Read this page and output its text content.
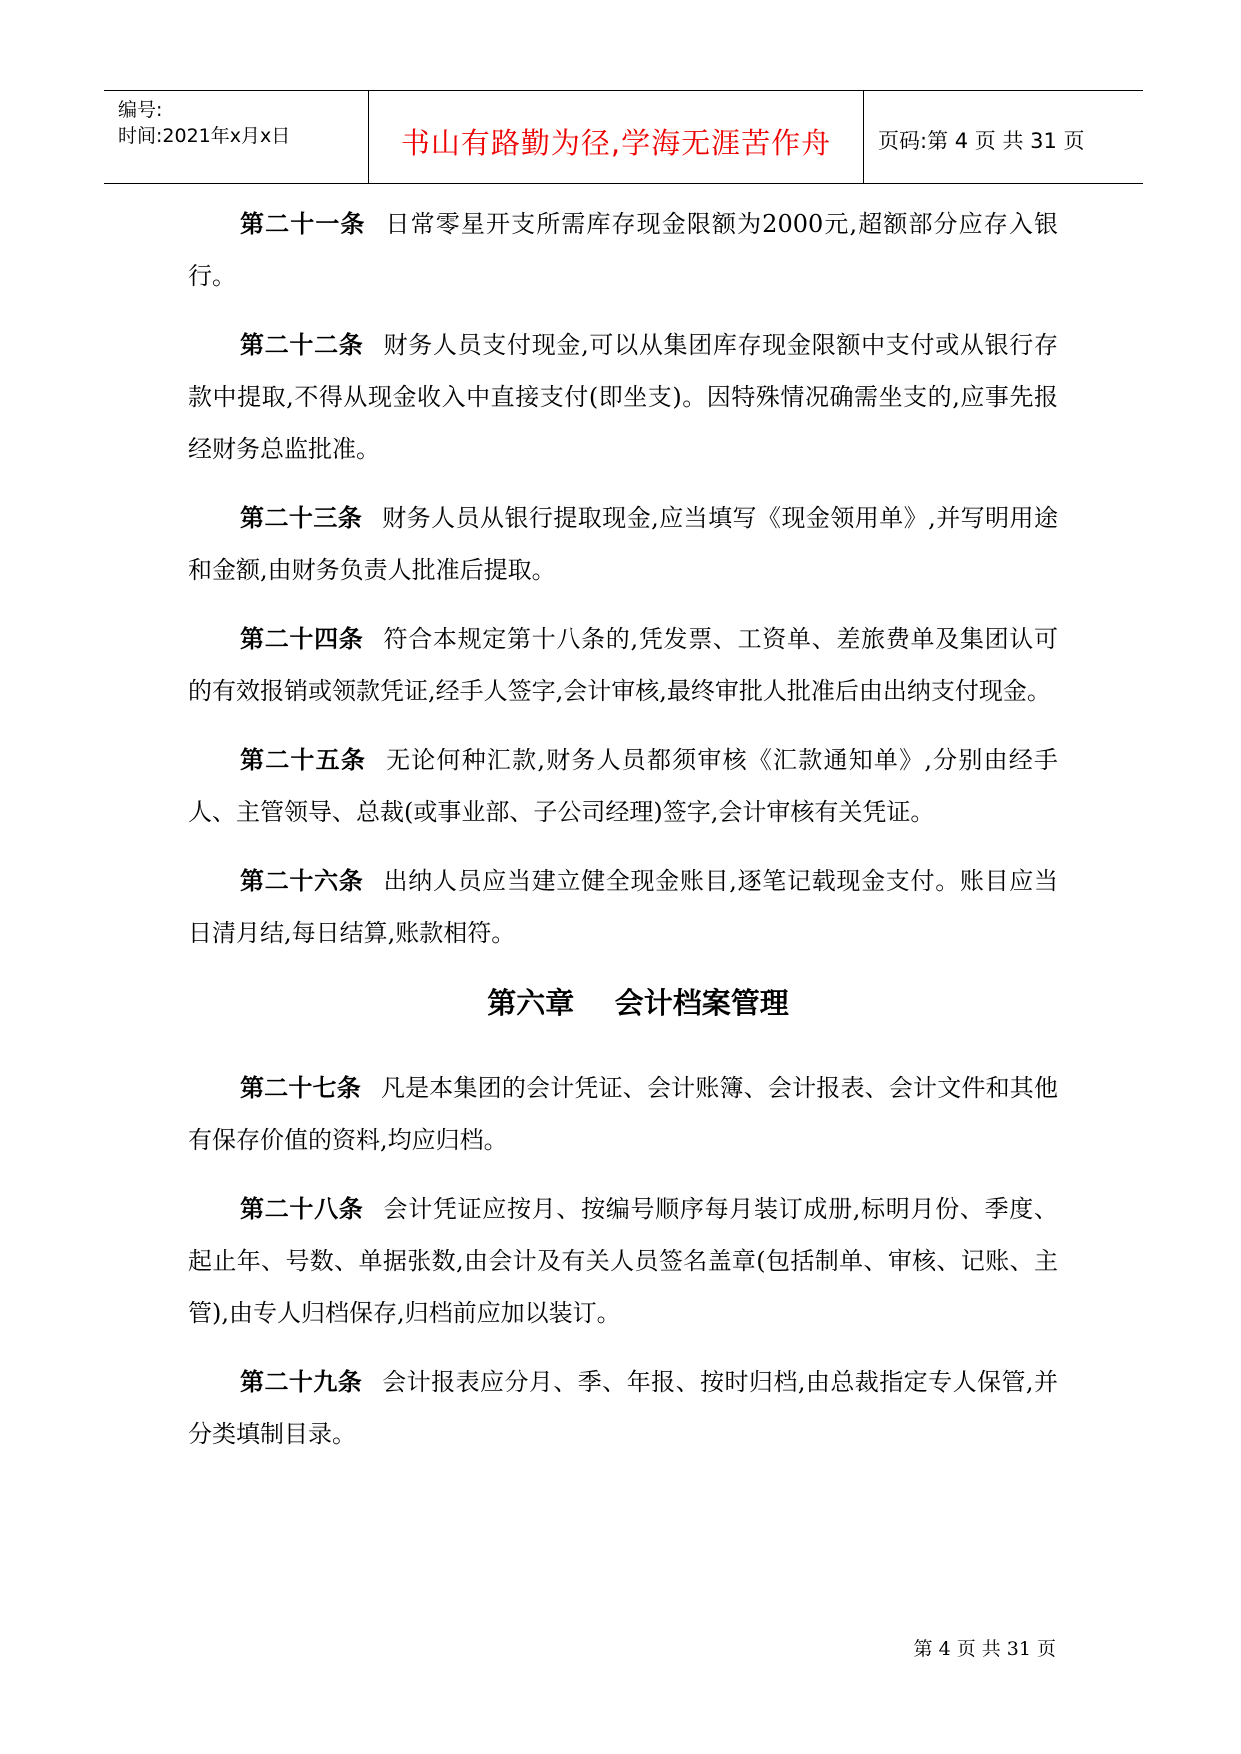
编号:
时间:2021年x月x日	书山有路勤为径,学海无涯苦作舟	页码:第 4 页 共 31 页

第二十一条 日常零星开支所需库存现金限额为2000元,超额部分应存入银行。

第二十二条 财务人员支付现金,可以从集团库存现金限额中支付或从银行存款中提取,不得从现金收入中直接支付(即坐支)。因特殊情况确需坐支的,应事先报经财务总监批准。

第二十三条 财务人员从银行提取现金,应当填写《现金领用单》,并写明用途和金额,由财务负责人批准后提取。

第二十四条 符合本规定第十八条的,凭发票、工资单、差旅费单及集团认可的有效报销或领款凭证,经手人签字,会计审核,最终审批人批准后由出纳支付现金。

第二十五条 无论何种汇款,财务人员都须审核《汇款通知单》,分别由经手人、主管领导、总裁(或事业部、子公司经理)签字,会计审核有关凭证。

第二十六条 出纳人员应当建立健全现金账目,逐笔记载现金支付。账目应当日清月结,每日结算,账款相符。

第六章 会计档案管理

第二十七条 凡是本集团的会计凭证、会计账簿、会计报表、会计文件和其他有保存价值的资料,均应归档。

第二十八条 会计凭证应按月、按编号顺序每月装订成册,标明月份、季度、起止年、号数、单据张数,由会计及有关人员签名盖章(包括制单、审核、记账、主管),由专人归档保存,归档前应加以装订。

第二十九条 会计报表应分月、季、年报、按时归档,由总裁指定专人保管,并分类填制目录。

第 4 页 共 31 页
